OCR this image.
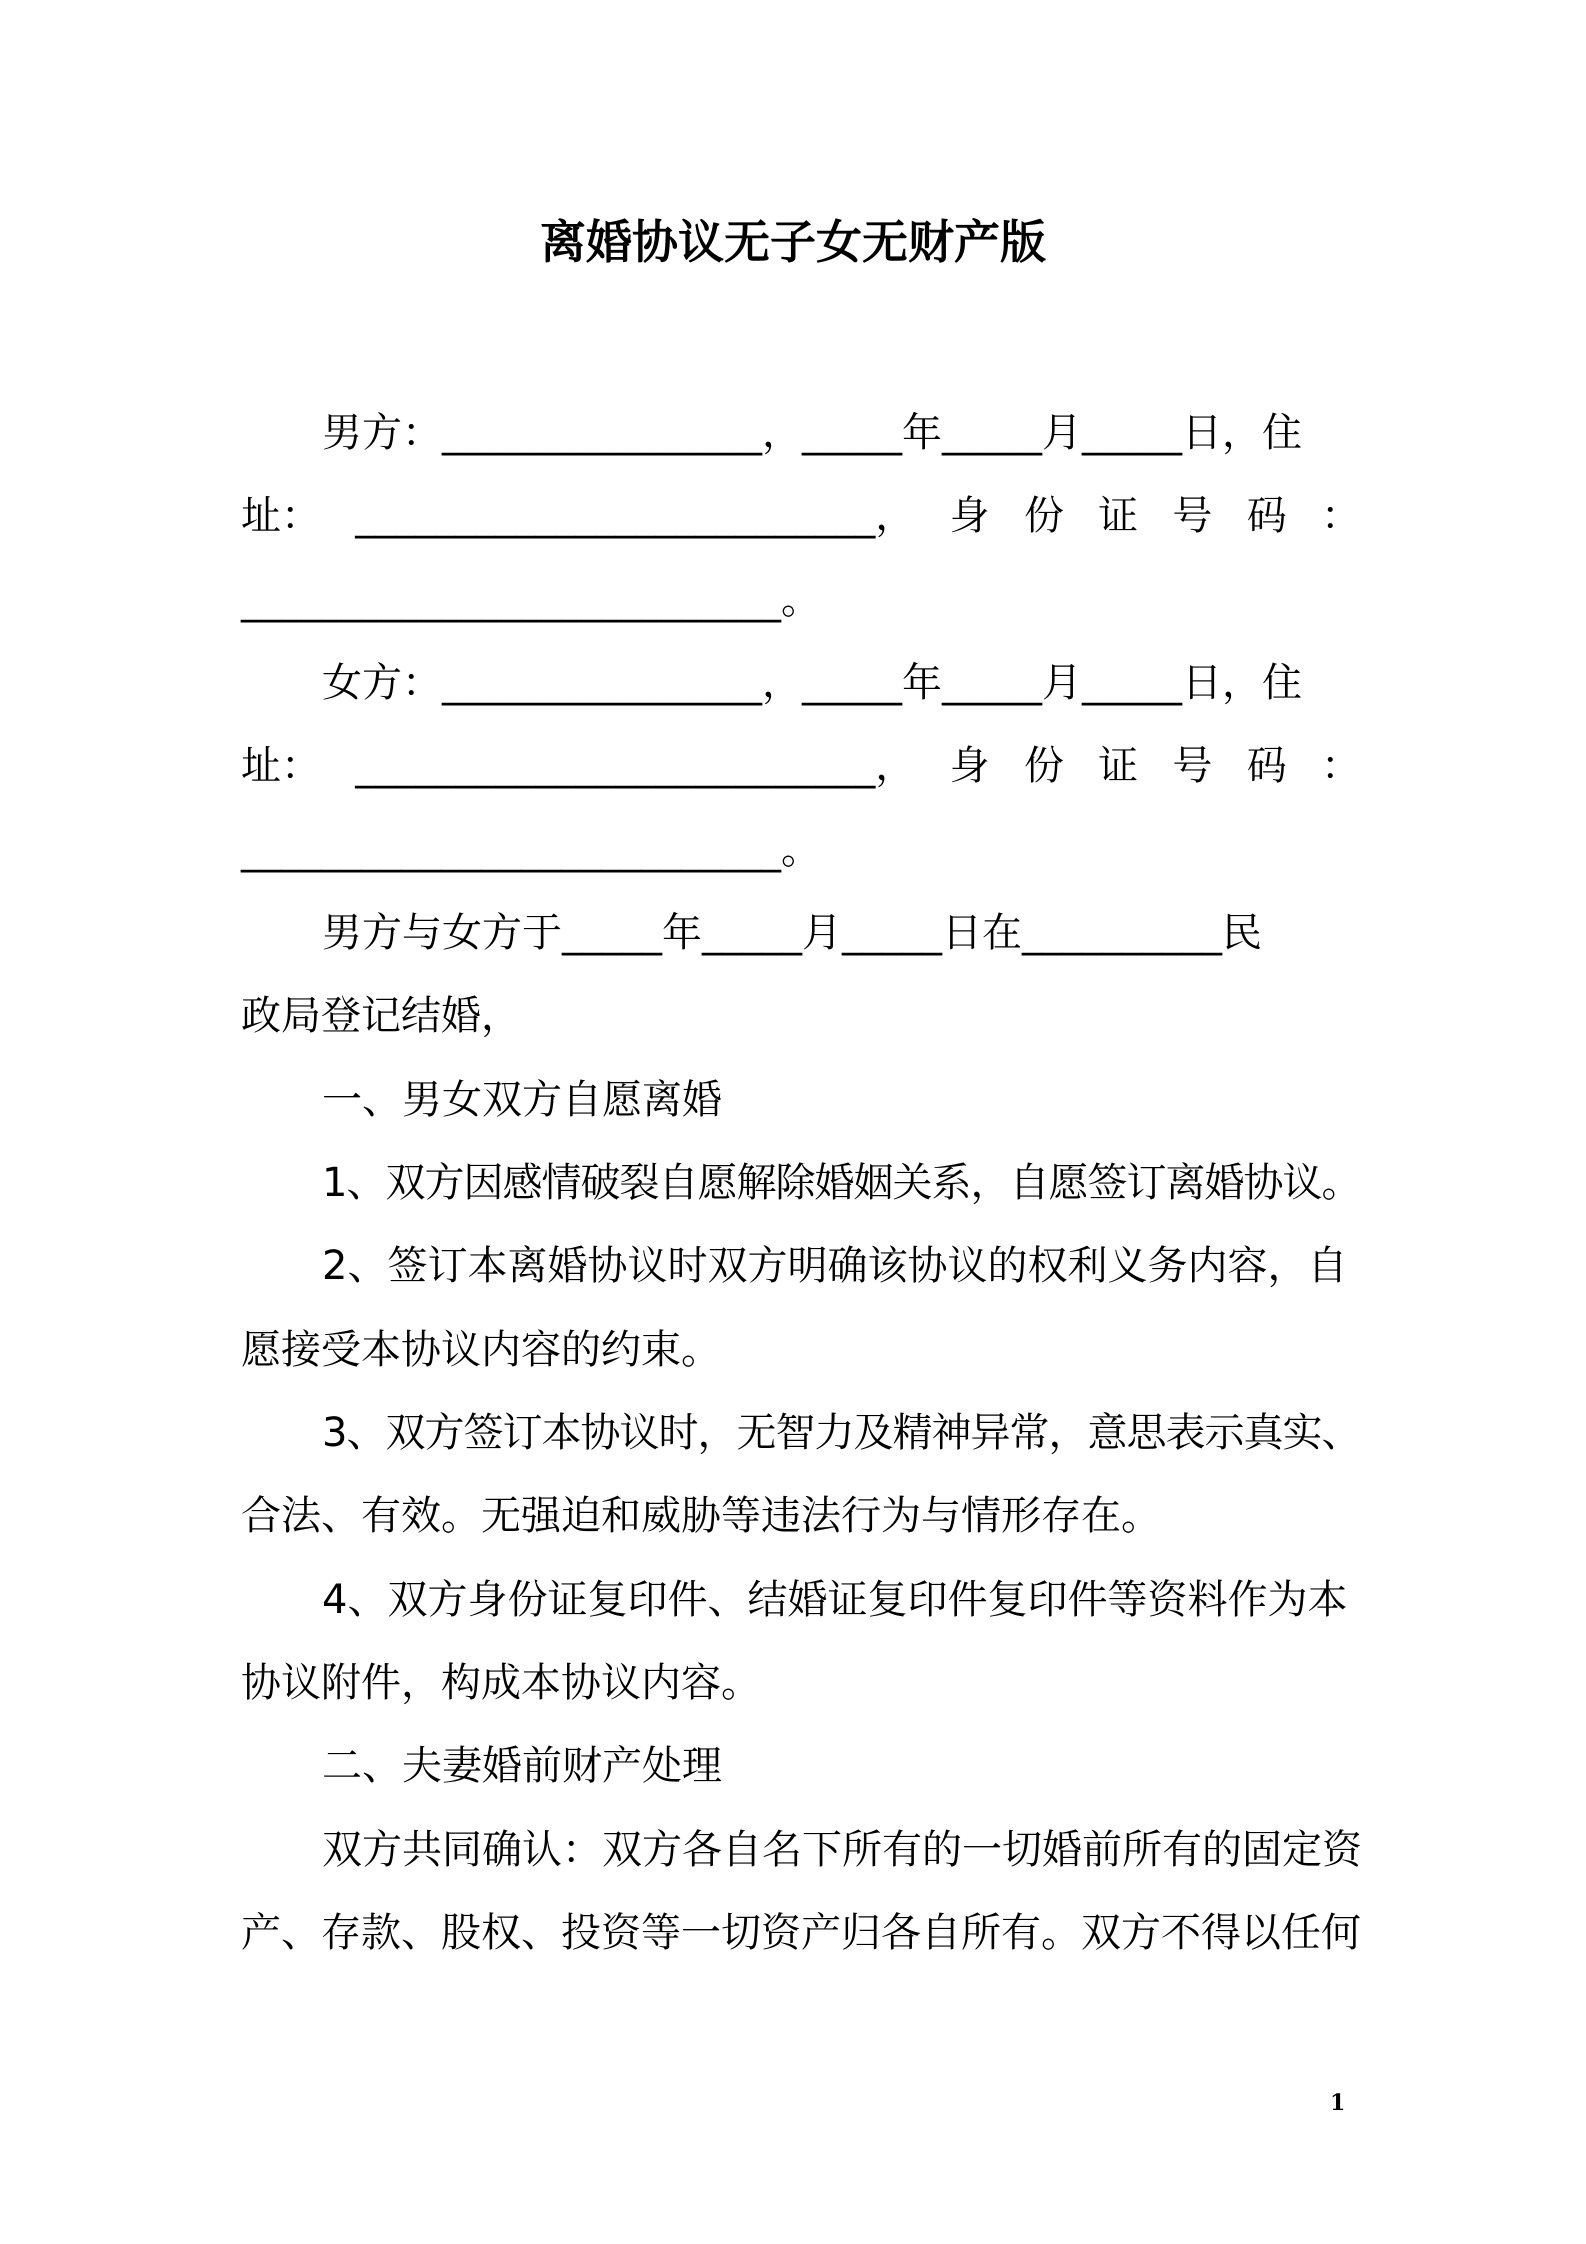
离婚协议无子女无财产版
男方：________________，_____年_____月_____日，住
址： __________________________， 身 份 证 号 码 ：
___________________________。
女方：________________，_____年_____月_____日，住
址： __________________________， 身 份 证 号 码 ：
___________________________。
男方与女方于_____年_____月_____日在__________民
政局登记结婚，
一、男女双方自愿离婚
1、双方因感情破裂自愿解除婚姻关系，自愿签订离婚协议。
2、签订本离婚协议时双方明确该协议的权利义务内容，自
愿接受本协议内容的约束。
3、双方签订本协议时，无智力及精神异常，意思表示真实、
合法、有效。无强迫和威胁等违法行为与情形存在。
4、双方身份证复印件、结婚证复印件复印件等资料作为本
协议附件，构成本协议内容。
二、夫妻婚前财产处理
双方共同确认：双方各自名下所有的一切婚前所有的固定资
产、存款、股权、投资等一切资产归各自所有。双方不得以任何
1
